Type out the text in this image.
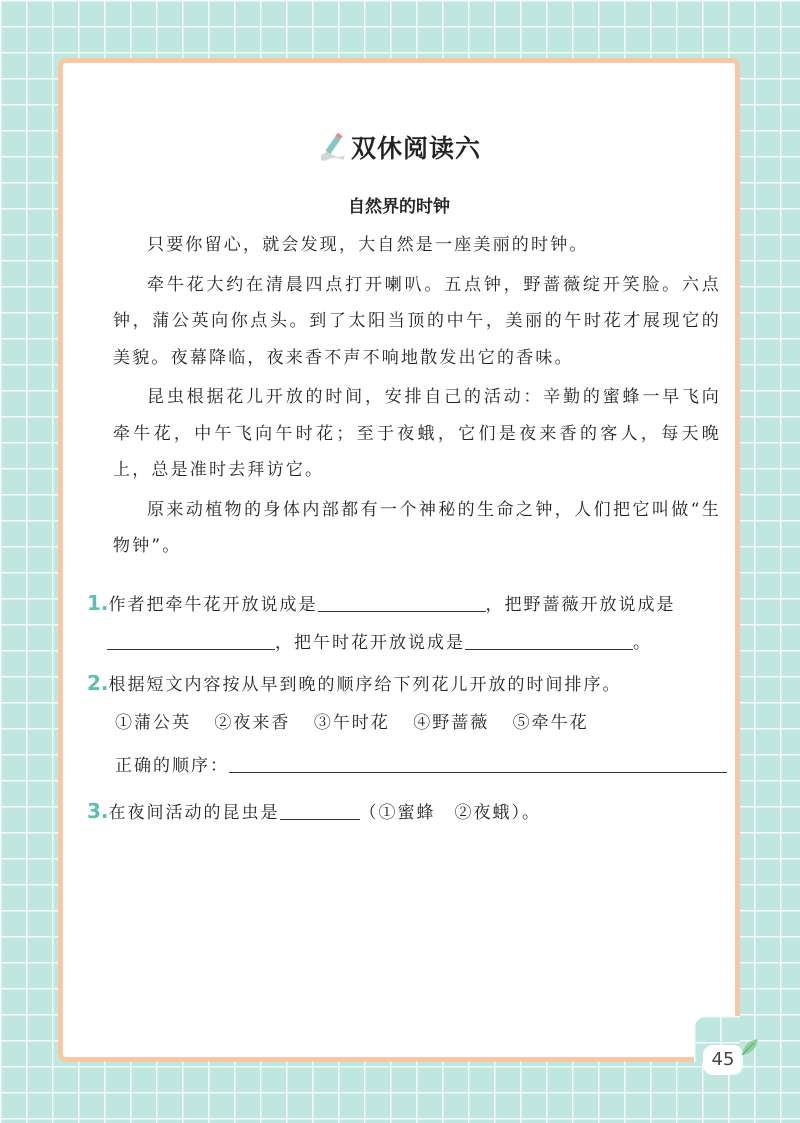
双休阅读六
自然界的时钟

只要你留心，就会发现，大自然是一座美丽的时钟。

牵牛花大约在清晨四点打开喇叭。五点钟，野蔷薇绽开笑脸。六点钟，蒲公英向你点头。到了太阳当顶的中午，美丽的午时花才展现它的美貌。夜幕降临，夜来香不声不响地散发出它的香味。

昆虫根据花儿开放的时间，安排自己的活动：辛勤的蜜蜂一早飞向牵牛花，中午飞向午时花；至于夜蛾，它们是夜来香的客人，每天晚上，总是准时去拜访它。

原来动植物的身体内部都有一个神秘的生命之钟，人们把它叫做“生物钟”。

1.作者把牵牛花开放说成是	，把野蔷薇开放说成是
，把午时花开放说成是	。
2.根据短文内容按从早到晚的顺序给下列花儿开放的时间排序。
①蒲公英 ②夜来香 ③午时花 ④野蔷薇 ⑤牵牛花
正确的顺序：
3.在夜间活动的昆虫是	（①蜜蜂　②夜蛾）。
45
